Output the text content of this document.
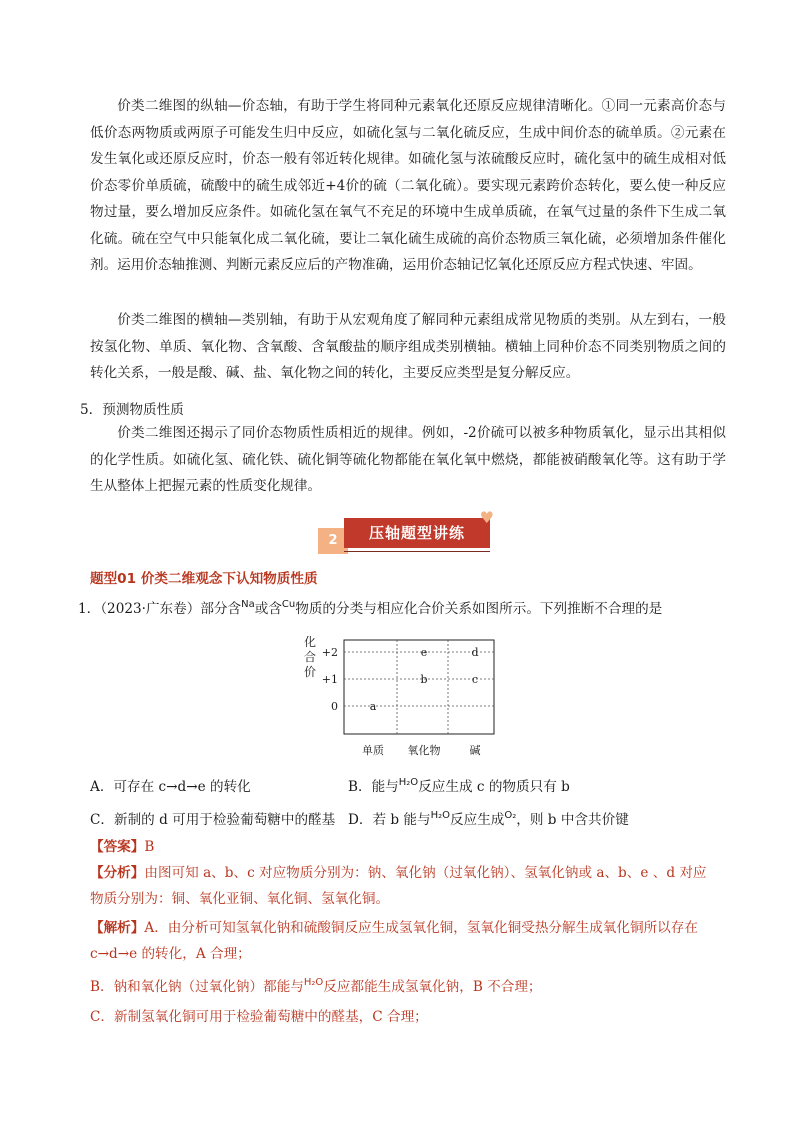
价类二维图的纵轴—价态轴，有助于学生将同种元素氧化还原反应规律清晰化。①同一元素高价态与低价态两物质或两原子可能发生归中反应，如硫化氢与二氧化硫反应，生成中间价态的硫单质。②元素在发生氧化或还原反应时，价态一般有邻近转化规律。如硫化氢与浓硫酸反应时，硫化氢中的硫生成相对低价态零价单质硫，硫酸中的硫生成邻近+4价的硫（二氧化硫）。要实现元素跨价态转化，要么使一种反应物过量，要么增加反应条件。如硫化氢在氧气不充足的环境中生成单质硫，在氧气过量的条件下生成二氧化硫。硫在空气中只能氧化成二氧化硫，要让二氧化硫生成硫的高价态物质三氧化硫，必须增加条件催化剂。运用价态轴推测、判断元素反应后的产物准确，运用价态轴记忆氧化还原反应方程式快速、牢固。

价类二维图的横轴—类别轴，有助于从宏观角度了解同种元素组成常见物质的类别。从左到右，一般按氢化物、单质、氧化物、含氧酸、含氧酸盐的顺序组成类别横轴。横轴上同种价态不同类别物质之间的转化关系，一般是酸、碱、盐、氧化物之间的转化，主要反应类型是复分解反应。

5．预测物质性质

价类二维图还揭示了同价态物质性质相近的规律。例如，-2价硫可以被多种物质氧化，显示出其相似的化学性质。如硫化氢、硫化铁、硫化铜等硫化物都能在氧化氧中燃烧，都能被硝酸氧化等。这有助于学生从整体上把握元素的性质变化规律。

2	压轴题型讲练
♥
题型01 价类二维观念下认知物质性质
1．（2023·广东卷）部分含$^{Na}$或含$^{Cu}$物质的分类与相应化合价关系如图所示。下列推断不合理的是
化
合
价
+2
+1
0
单质 氧化物	碱
a
b
e
c
d
A．可存在 c→d→e 的转化	B．能与$^{H_2O}$反应生成 c 的物质只有 b
C．新制的 d 可用于检验葡萄糖中的醛基 D．若 b 能与$^{H_2O}$反应生成$^{O_2}$，则 b 中含共价键
【答案】B
【分析】由图可知 a、b、c 对应物质分别为：钠、氧化钠（过氧化钠）、氢氧化钠或 a、b、e 、d 对应
物质分别为：铜、氧化亚铜、氧化铜、氢氧化铜。
【解析】A．由分析可知氢氧化钠和硫酸铜反应生成氢氧化铜，氢氧化铜受热分解生成氧化铜所以存在
c→d→e 的转化，A 合理；
B．钠和氧化钠（过氧化钠）都能与$^{H_2O}$反应都能生成氢氧化钠，B 不合理；
C．新制氢氧化铜可用于检验葡萄糖中的醛基，C 合理；
